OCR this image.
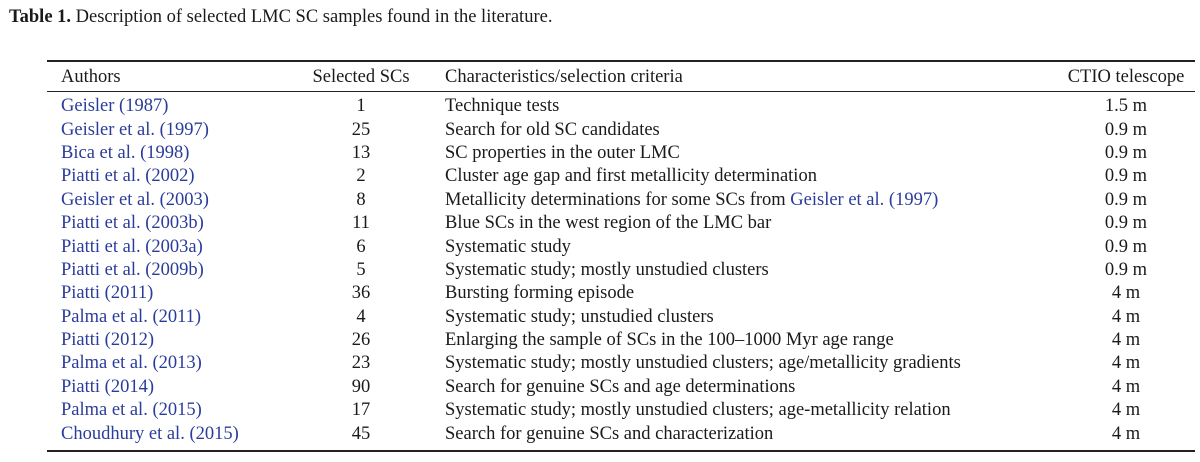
Table 1. Description of selected LMC SC samples found in the literature.
Authors	Selected SCs	Characteristics/selection criteria	CTIO telescope
Geisler (1987)	1	Technique tests	1.5 m
Geisler et al. (1997)	25	Search for old SC candidates	0.9 m
Bica et al. (1998)	13	SC properties in the outer LMC	0.9 m
Piatti et al. (2002)	2	Cluster age gap and first metallicity determination	0.9 m
Geisler et al. (2003)	8	Metallicity determinations for some SCs from Geisler et al. (1997)	0.9 m
Piatti et al. (2003b)	11	Blue SCs in the west region of the LMC bar	0.9 m
Piatti et al. (2003a)	6	Systematic study	0.9 m
Piatti et al. (2009b)	5	Systematic study; mostly unstudied clusters	0.9 m
Piatti (2011)	36	Bursting forming episode	4 m
Palma et al. (2011)	4	Systematic study; unstudied clusters	4 m
Piatti (2012)	26	Enlarging the sample of SCs in the 100–1000 Myr age range	4 m
Palma et al. (2013)	23	Systematic study; mostly unstudied clusters; age/metallicity gradients	4 m
Piatti (2014)	90	Search for genuine SCs and age determinations	4 m
Palma et al. (2015)	17	Systematic study; mostly unstudied clusters; age-metallicity relation	4 m
Choudhury et al. (2015)	45	Search for genuine SCs and characterization	4 m
